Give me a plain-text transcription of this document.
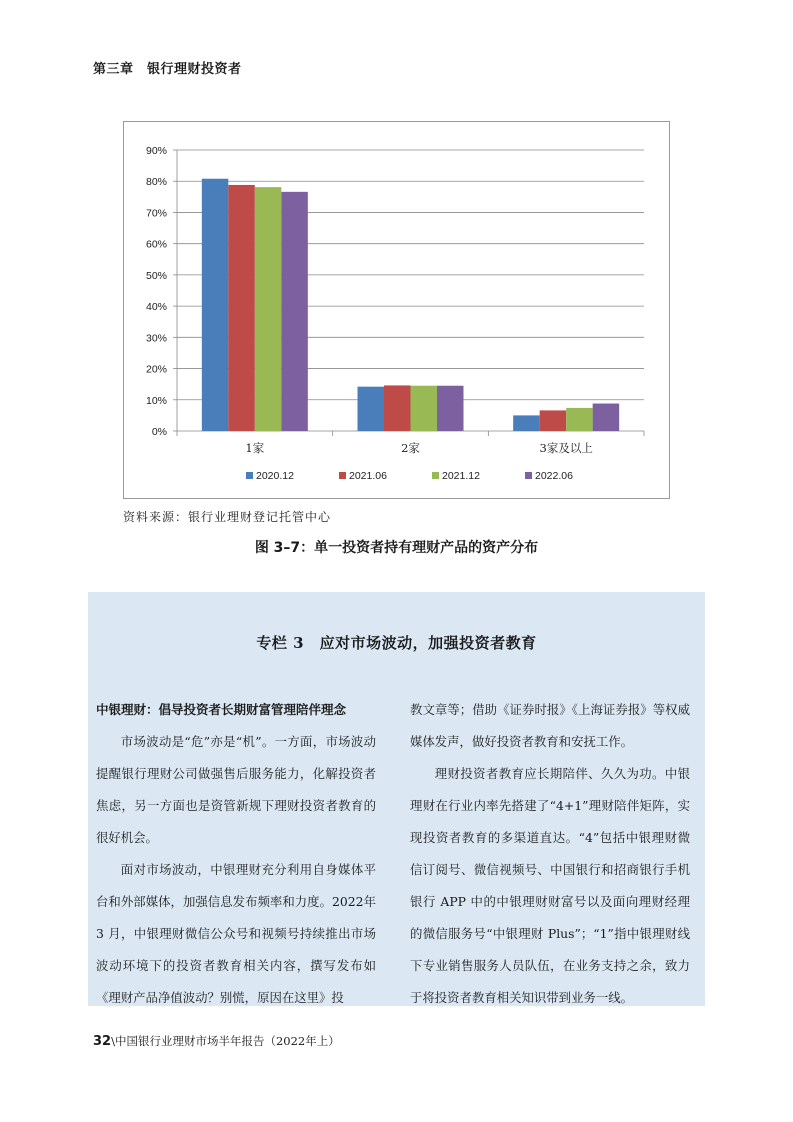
第三章　银行理财投资者
0%
10%
20%
30%
40%
50%
60%
70%
80%
90%
1家	2家	3家及以上
2020.12	2021.06	2021.12	2022.06
资料来源：银行业理财登记托管中心
图 3–7：单一投资者持有理财产品的资产分布
专栏 3　应对市场波动，加强投资者教育

中银理财：倡导投资者长期财富管理陪伴理念

市场波动是“危”亦是“机”。一方面，市场波动提醒银行理财公司做强售后服务能力，化解投资者焦虑，另一方面也是资管新规下理财投资者教育的很好机会。

面对市场波动，中银理财充分利用自身媒体平台和外部媒体，加强信息发布频率和力度。2022年 3 月，中银理财微信公众号和视频号持续推出市场波动环境下的投资者教育相关内容，撰写发布如《理财产品净值波动？别慌，原因在这里》投

教文章等；借助《证券时报》《上海证券报》等权威媒体发声，做好投资者教育和安抚工作。

理财投资者教育应长期陪伴、久久为功。中银理财在行业内率先搭建了“4+1”理财陪伴矩阵，实现投资者教育的多渠道直达。“4”包括中银理财微信订阅号、微信视频号、中国银行和招商银行手机银行 APP 中的中银理财财富号以及面向理财经理的微信服务号“中银理财 Plus”；“1”指中银理财线下专业销售服务人员队伍，在业务支持之余，致力于将投资者教育相关知识带到业务一线。

32\中国银行业理财市场半年报告（2022年上）
